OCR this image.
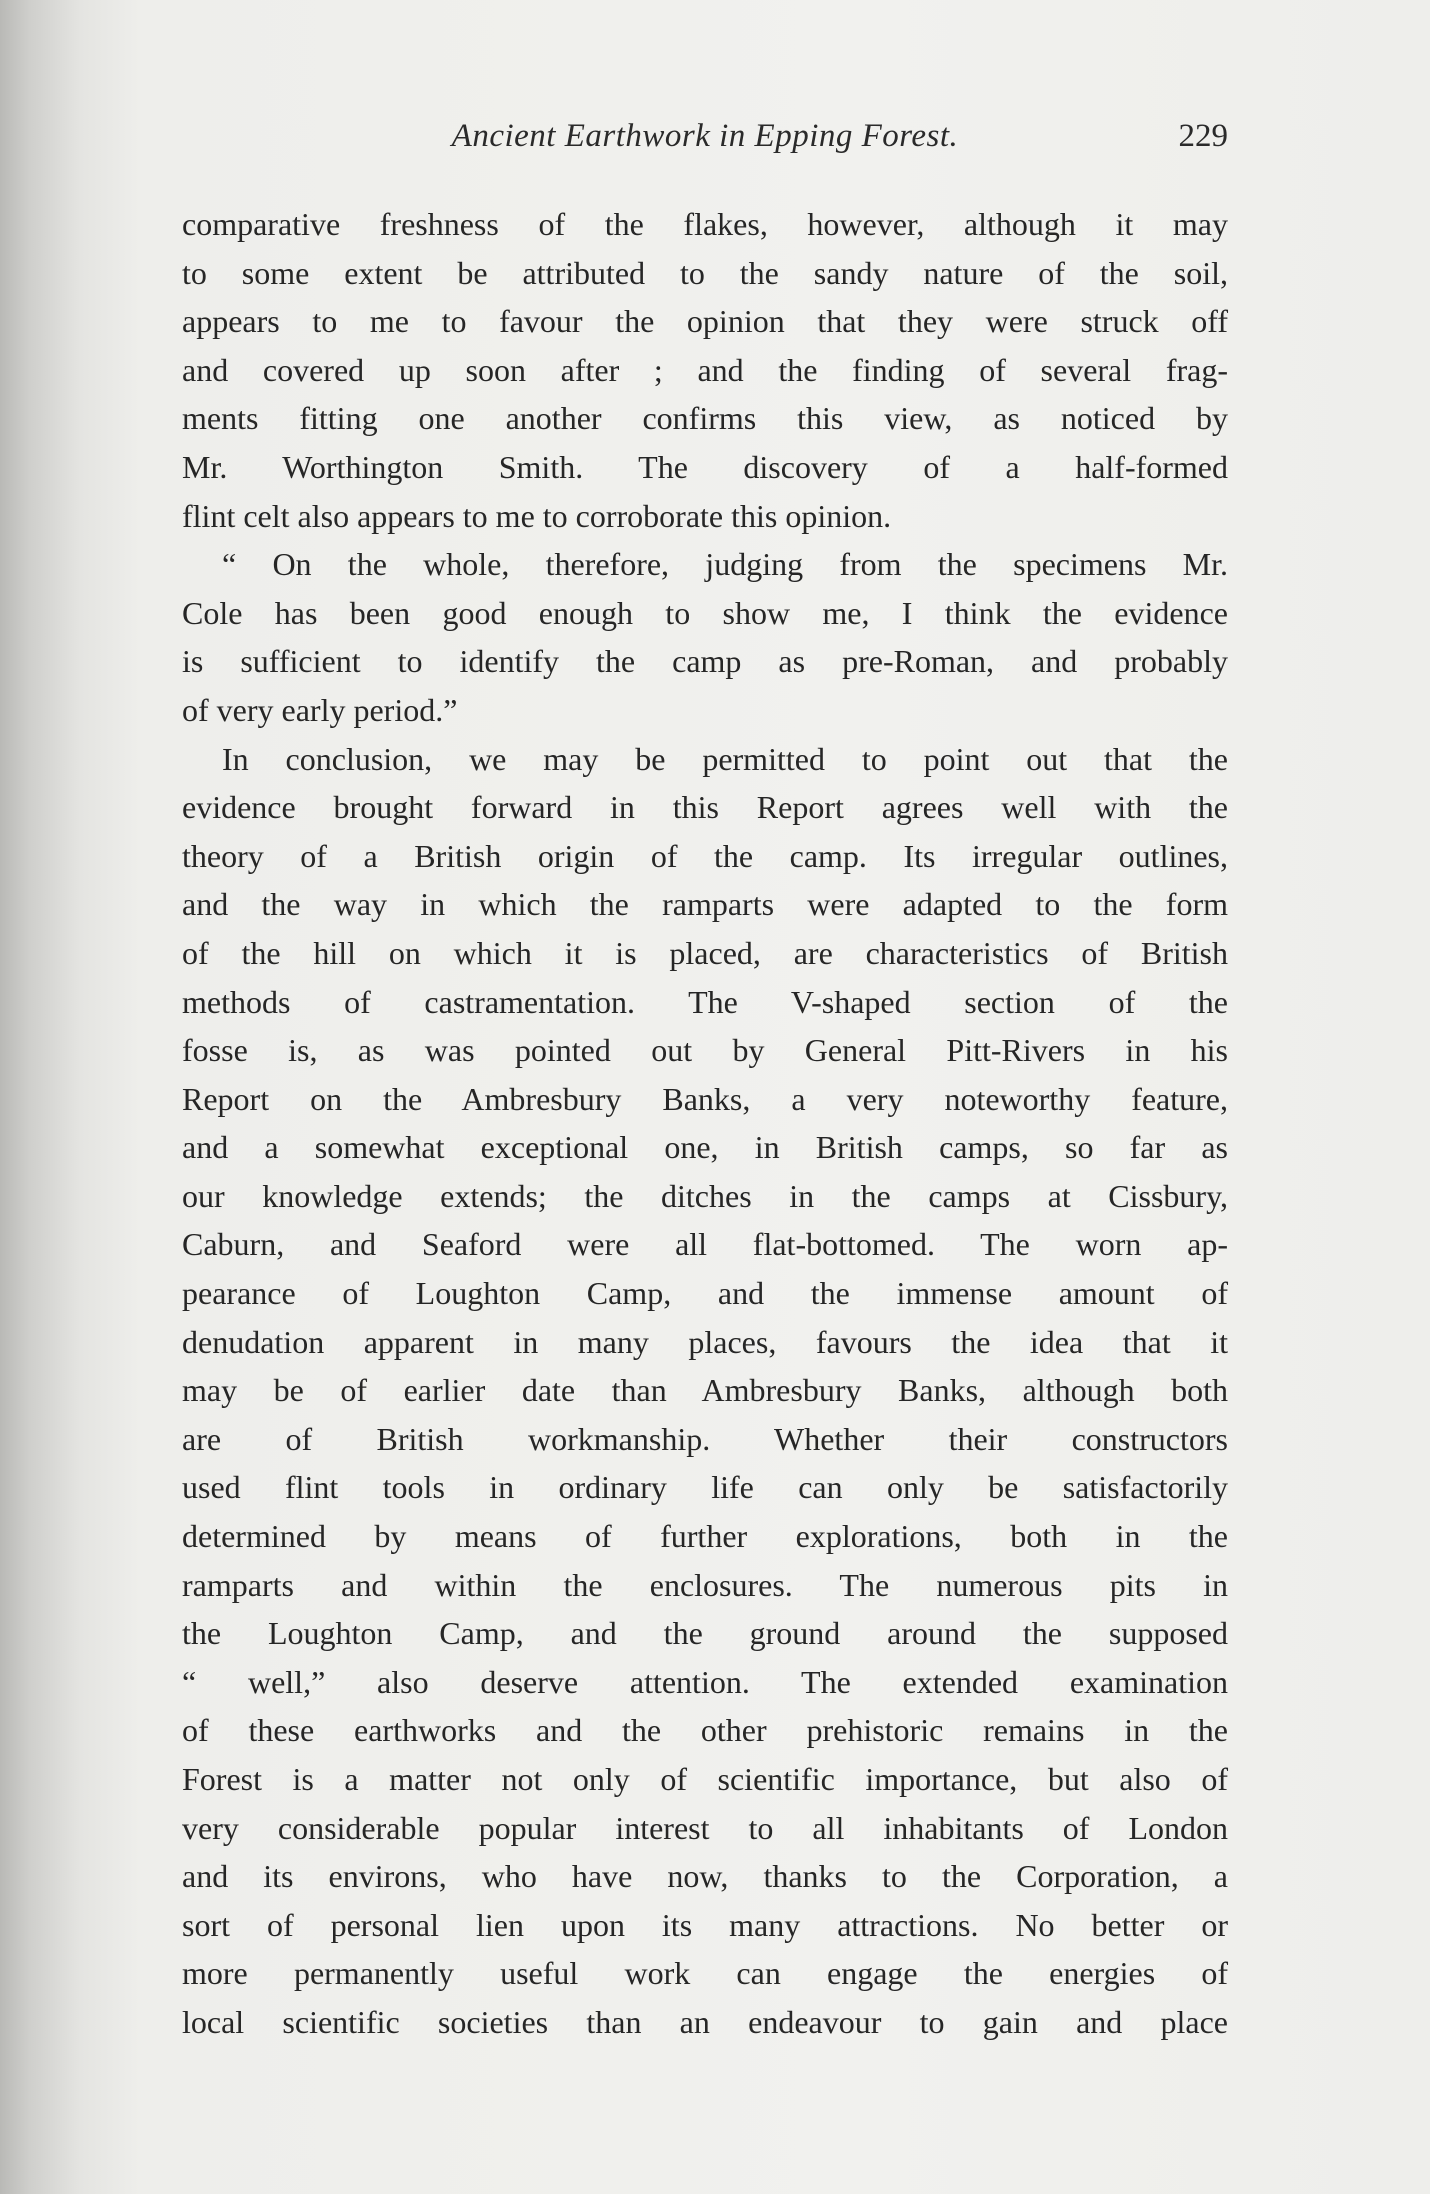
Ancient Earthwork in Epping Forest.	229
comparative freshness of the flakes, however, although it may
to some extent be attributed to the sandy nature of the soil,
appears to me to favour the opinion that they were struck off
and covered up soon after ; and the finding of several frag-
ments fitting one another confirms this view, as noticed by
Mr. Worthington Smith. The discovery of a half-formed
flint celt also appears to me to corroborate this opinion.
“ On the whole, therefore, judging from the specimens Mr.
Cole has been good enough to show me, I think the evidence
is sufficient to identify the camp as pre-Roman, and probably
of very early period.”
In conclusion, we may be permitted to point out that the
evidence brought forward in this Report agrees well with the
theory of a British origin of the camp. Its irregular outlines,
and the way in which the ramparts were adapted to the form
of the hill on which it is placed, are characteristics of British
methods of castramentation. The V-shaped section of the
fosse is, as was pointed out by General Pitt-Rivers in his
Report on the Ambresbury Banks, a very noteworthy feature,
and a somewhat exceptional one, in British camps, so far as
our knowledge extends; the ditches in the camps at Cissbury,
Caburn, and Seaford were all flat-bottomed. The worn ap-
pearance of Loughton Camp, and the immense amount of
denudation apparent in many places, favours the idea that it
may be of earlier date than Ambresbury Banks, although both
are of British workmanship. Whether their constructors
used flint tools in ordinary life can only be satisfactorily
determined by means of further explorations, both in the
ramparts and within the enclosures. The numerous pits in
the Loughton Camp, and the ground around the supposed
“ well,” also deserve attention. The extended examination
of these earthworks and the other prehistoric remains in the
Forest is a matter not only of scientific importance, but also of
very considerable popular interest to all inhabitants of London
and its environs, who have now, thanks to the Corporation, a
sort of personal lien upon its many attractions. No better or
more permanently useful work can engage the energies of
local scientific societies than an endeavour to gain and place
